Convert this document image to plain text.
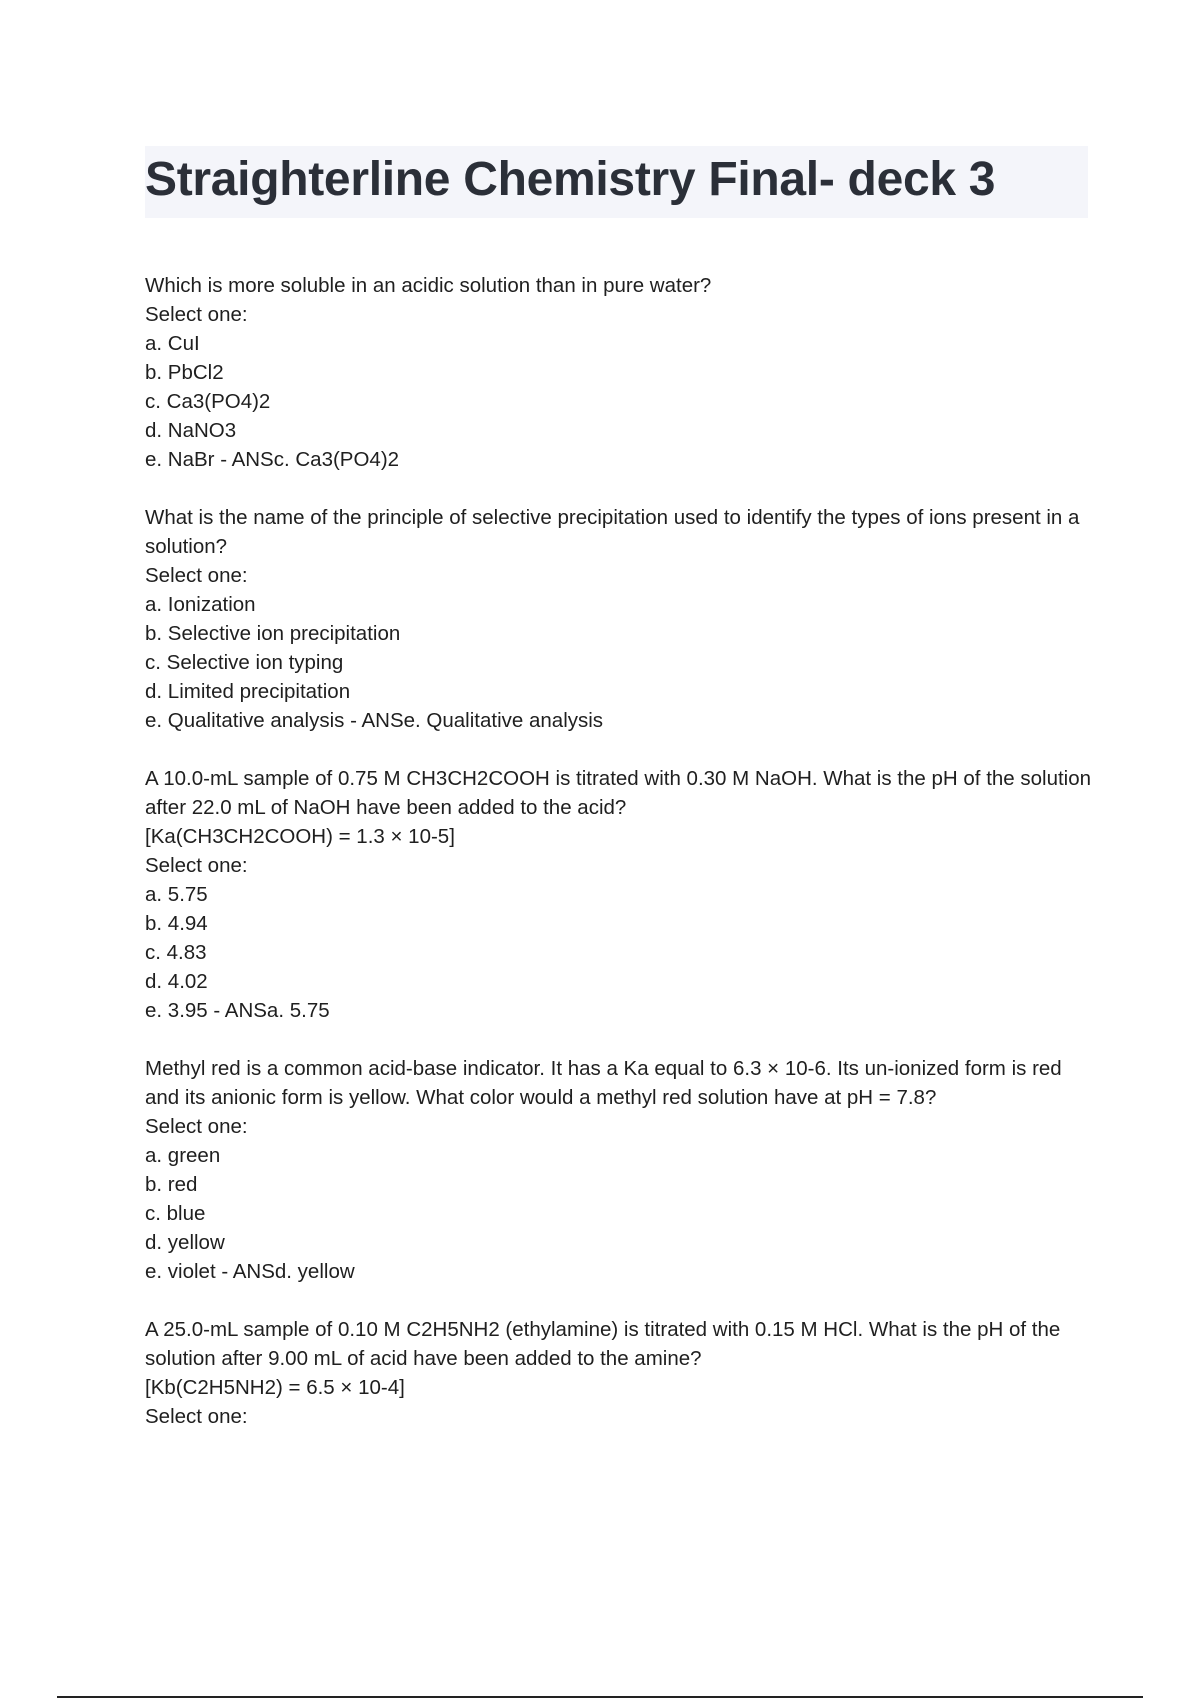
Straighterline Chemistry Final- deck 3

Which is more soluble in an acidic solution than in pure water?

Select one:

a. CuI

b. PbCl2

c. Ca3(PO4)2

d. NaNO3

e. NaBr - ANSc. Ca3(PO4)2

What is the name of the principle of selective precipitation used to identify the types of ions present in a solution?

Select one:

a. Ionization

b. Selective ion precipitation

c. Selective ion typing

d. Limited precipitation

e. Qualitative analysis - ANSe. Qualitative analysis

A 10.0-mL sample of 0.75 M CH3CH2COOH is titrated with 0.30 M NaOH. What is the pH of the solution after 22.0 mL of NaOH have been added to the acid?

[Ka(CH3CH2COOH) = 1.3 × 10-5]

Select one:

a. 5.75

b. 4.94

c. 4.83

d. 4.02

e. 3.95 - ANSa. 5.75

Methyl red is a common acid-base indicator. It has a Ka equal to 6.3 × 10-6. Its un-ionized form is red and its anionic form is yellow. What color would a methyl red solution have at pH = 7.8?

Select one:

a. green

b. red

c. blue

d. yellow

e. violet - ANSd. yellow

A 25.0-mL sample of 0.10 M C2H5NH2 (ethylamine) is titrated with 0.15 M HCl. What is the pH of the solution after 9.00 mL of acid have been added to the amine?

[Kb(C2H5NH2) = 6.5 × 10-4]

Select one:
